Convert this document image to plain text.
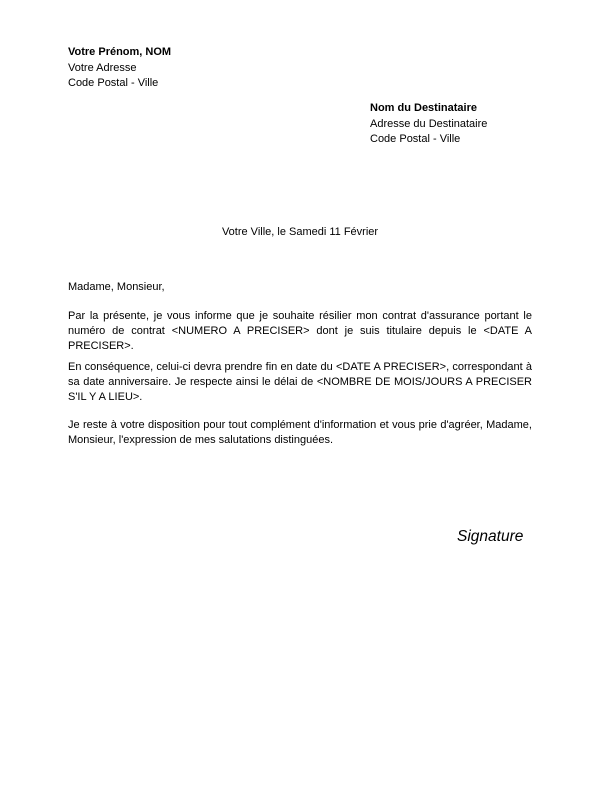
Votre Prénom, NOM
Votre Adresse
Code Postal - Ville
Nom du Destinataire
Adresse du Destinataire
Code Postal - Ville
Votre Ville, le Samedi 11 Février
Madame, Monsieur,

Par la présente, je vous informe que je souhaite résilier mon contrat d'assurance portant le numéro de contrat <NUMERO A PRECISER> dont je suis titulaire depuis le <DATE A PRECISER>.

En conséquence, celui-ci devra prendre fin en date du <DATE A PRECISER>, correspondant à sa date anniversaire. Je respecte ainsi le délai de <NOMBRE DE MOIS/JOURS A PRECISER S'IL Y A LIEU>.

Je reste à votre disposition pour tout complément d'information et vous prie d'agréer, Madame, Monsieur, l'expression de mes salutations distinguées.

Signature
